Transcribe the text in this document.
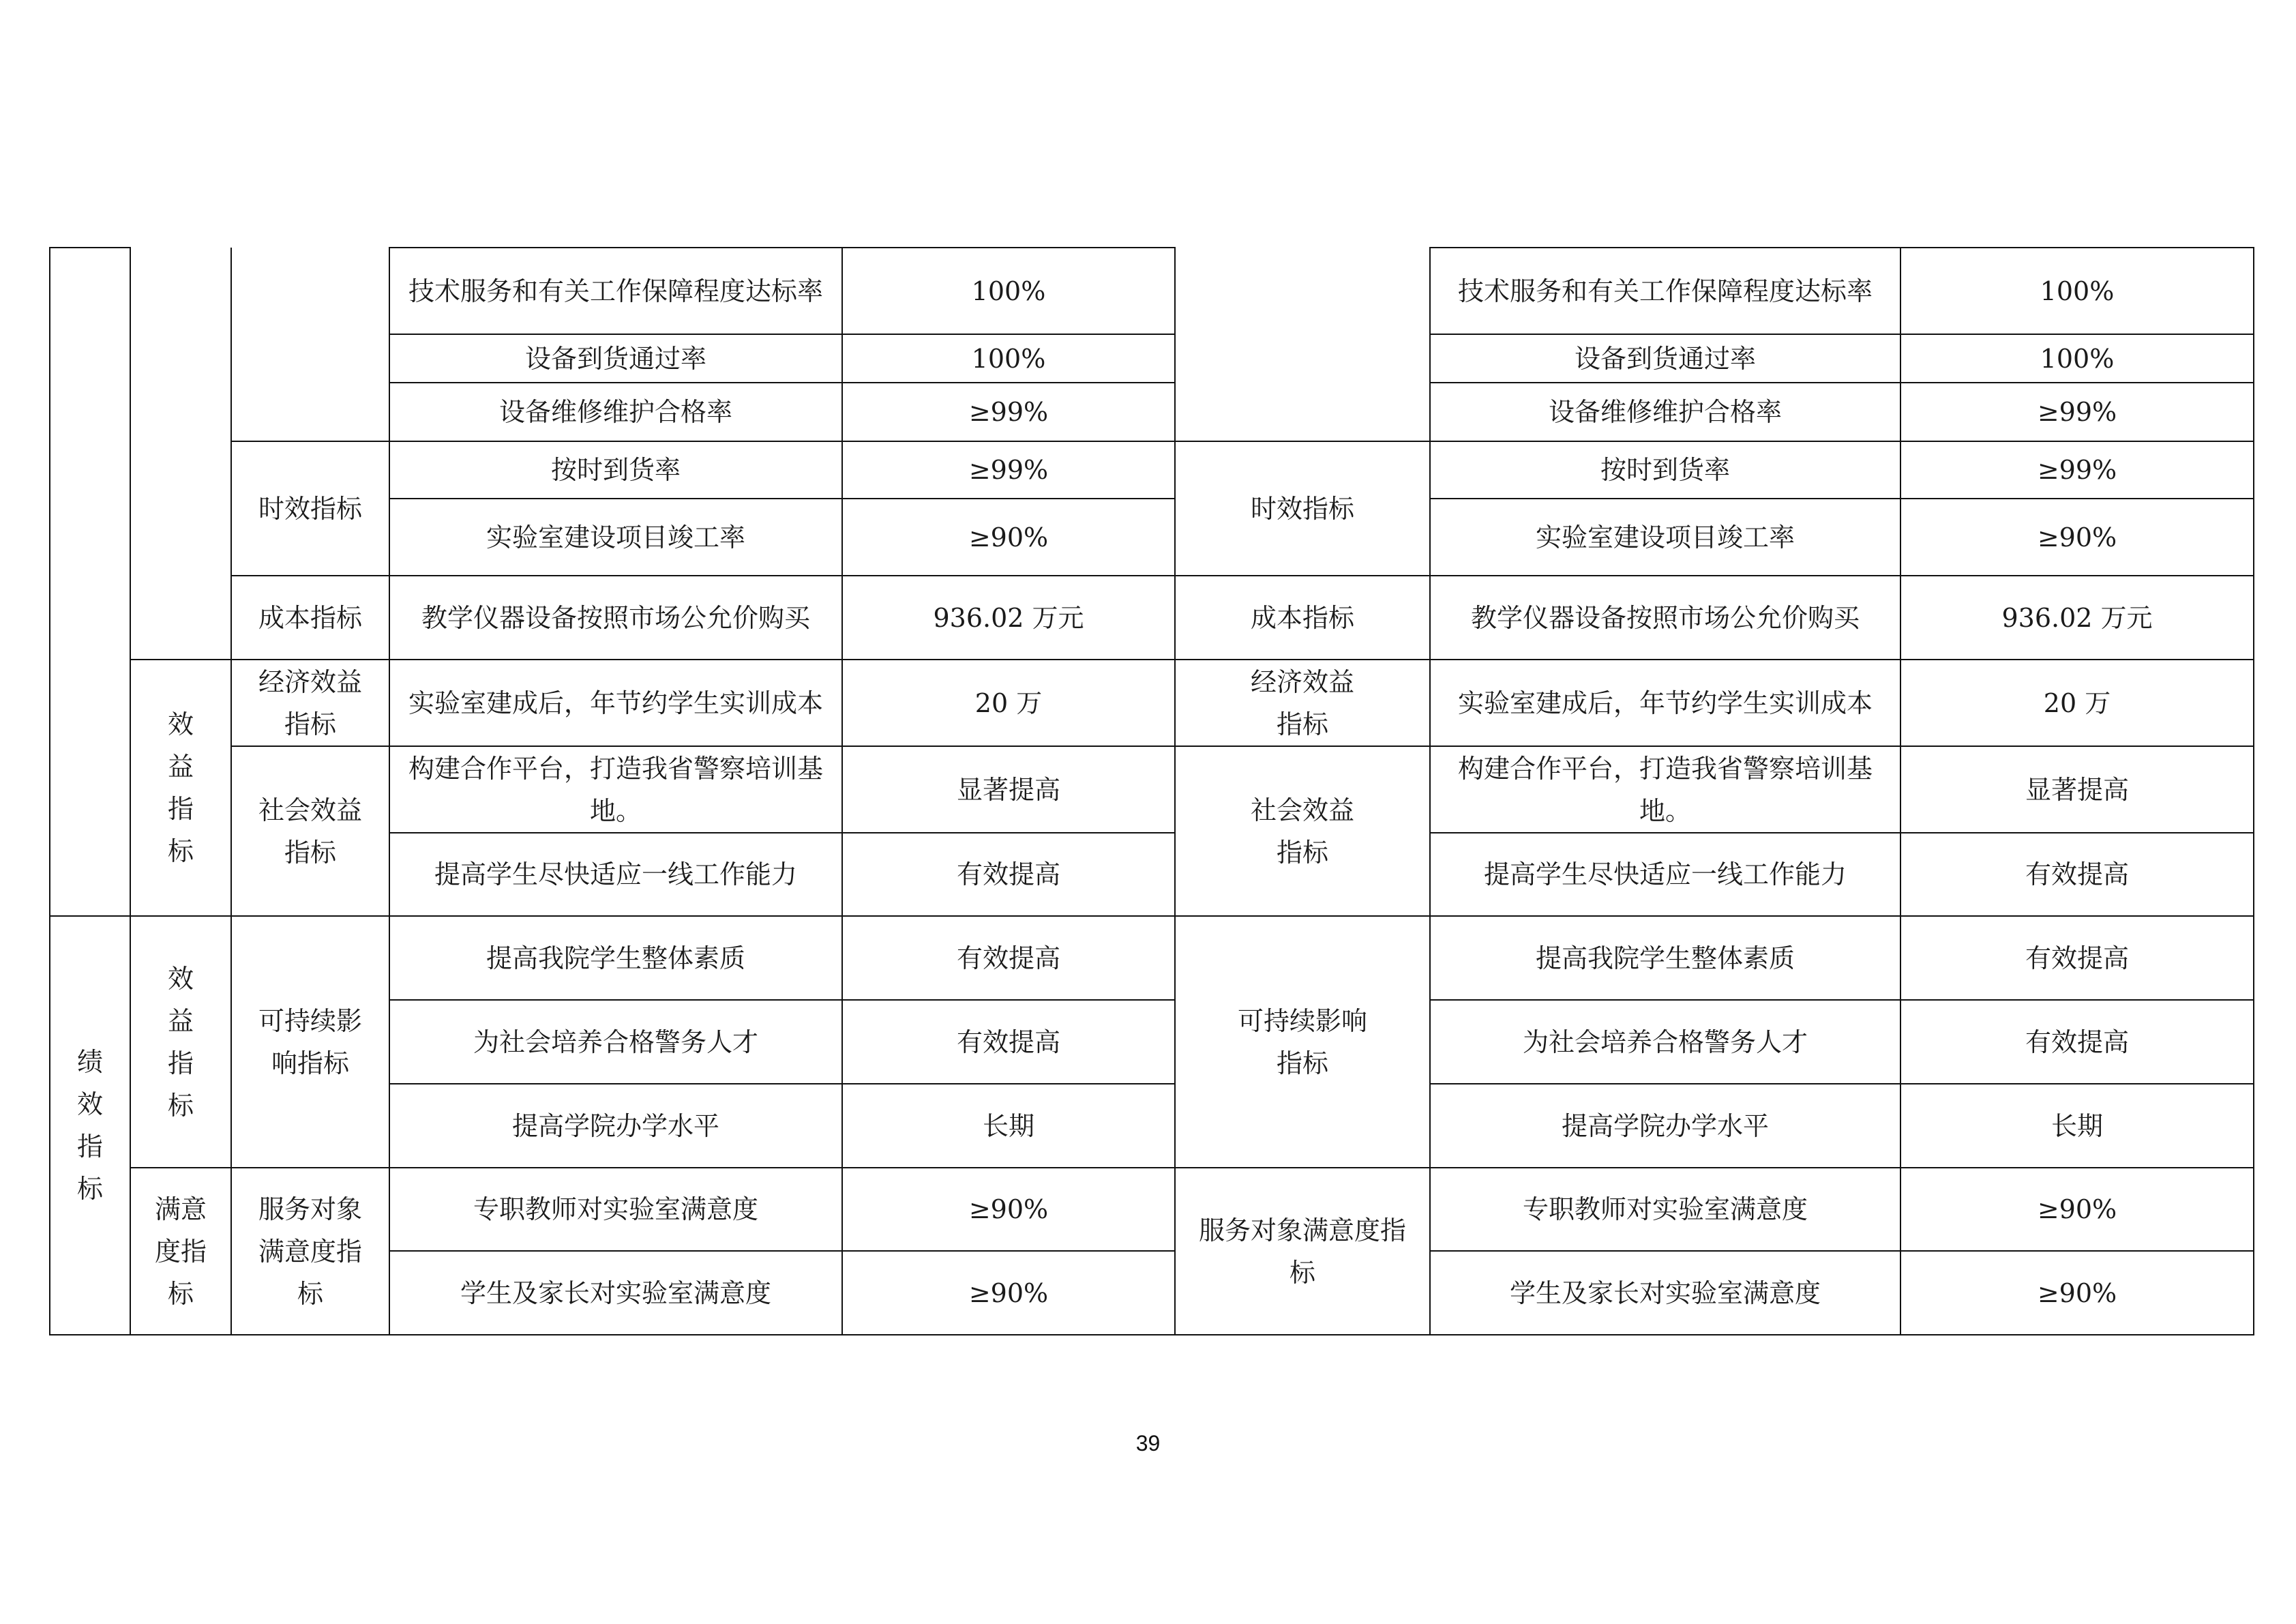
			技术服务和有关工作保障程度达标率	100%		技术服务和有关工作保障程度达标率	100%
			设备到货通过率	100%		设备到货通过率	100%
			设备维修维护合格率	≥99%		设备维修维护合格率	≥99%
		时效指标	按时到货率	≥99%	时效指标	按时到货率	≥99%
			实验室建设项目竣工率	≥90%		实验室建设项目竣工率	≥90%
		成本指标	教学仪器设备按照市场公允价购买	936.02 万元	成本指标	教学仪器设备按照市场公允价购买	936.02 万元
	效益指标	经济效益指标	实验室建成后，年节约学生实训成本	20 万	经济效益指标	实验室建成后，年节约学生实训成本	20 万
		社会效益指标	构建合作平台，打造我省警察培训基地。	显著提高	社会效益指标	构建合作平台，打造我省警察培训基地。	显著提高
			提高学生尽快适应一线工作能力	有效提高		提高学生尽快适应一线工作能力	有效提高
绩效指标	效益指标	可持续影响指标	提高我院学生整体素质	有效提高	可持续影响指标	提高我院学生整体素质	有效提高
			为社会培养合格警务人才	有效提高		为社会培养合格警务人才	有效提高
			提高学院办学水平	长期		提高学院办学水平	长期
	满意度指标	服务对象满意度指标	专职教师对实验室满意度	≥90%	服务对象满意度指标	专职教师对实验室满意度	≥90%
			学生及家长对实验室满意度	≥90%		学生及家长对实验室满意度	≥90%
39
